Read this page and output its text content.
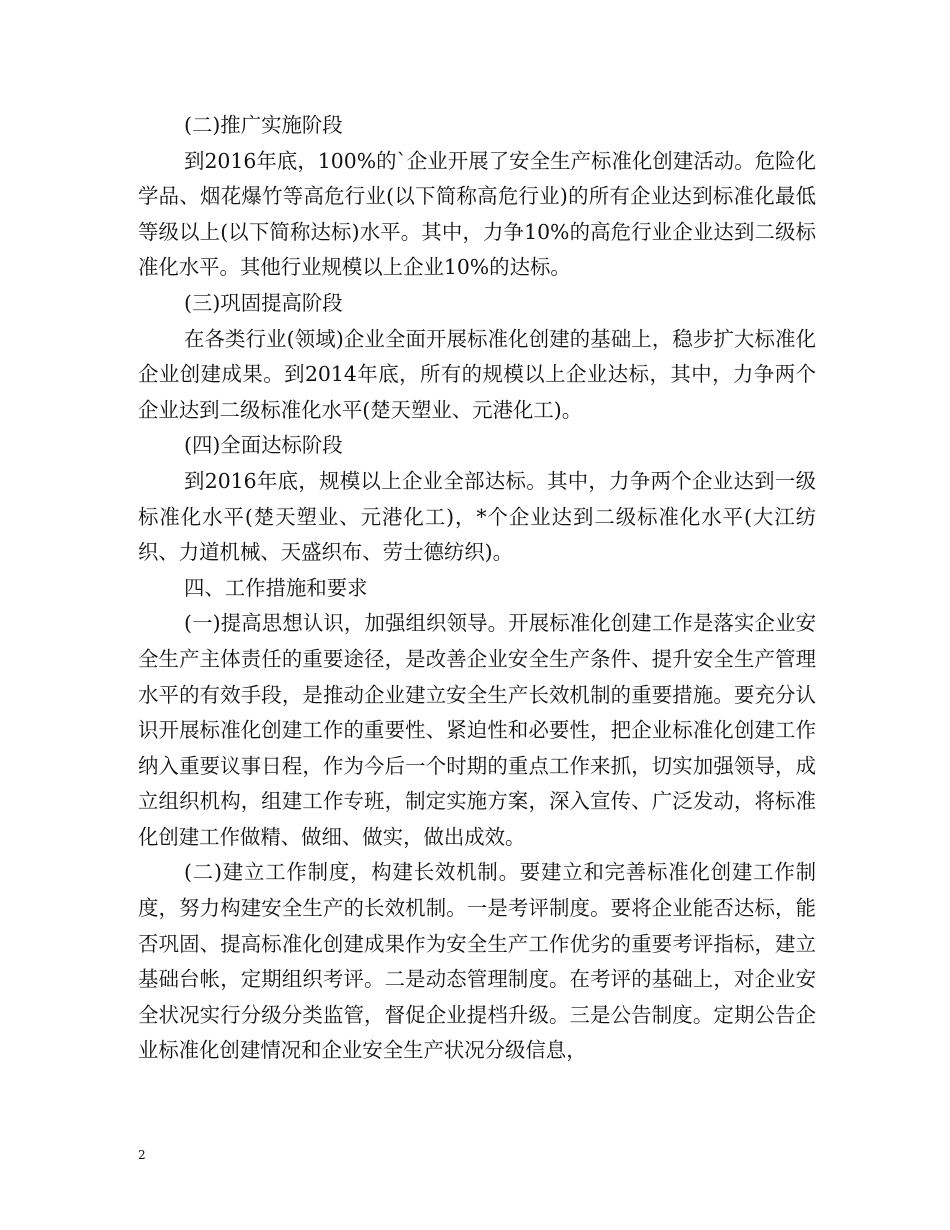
(二)推广实施阶段

到2016年底，100%的`企业开展了安全生产标准化创建活动。危险化学品、烟花爆竹等高危行业(以下简称高危行业)的所有企业达到标准化最低等级以上(以下简称达标)水平。其中，力争10%的高危行业企业达到二级标准化水平。其他行业规模以上企业10%的达标。

(三)巩固提高阶段

在各类行业(领域)企业全面开展标准化创建的基础上，稳步扩大标准化企业创建成果。到2014年底，所有的规模以上企业达标，其中，力争两个企业达到二级标准化水平(楚天塑业、元港化工)。

(四)全面达标阶段

到2016年底，规模以上企业全部达标。其中，力争两个企业达到一级标准化水平(楚天塑业、元港化工)，*个企业达到二级标准化水平(大江纺织、力道机械、天盛织布、劳士德纺织)。

四、工作措施和要求

(一)提高思想认识，加强组织领导。开展标准化创建工作是落实企业安全生产主体责任的重要途径，是改善企业安全生产条件、提升安全生产管理水平的有效手段，是推动企业建立安全生产长效机制的重要措施。要充分认识开展标准化创建工作的重要性、紧迫性和必要性，把企业标准化创建工作纳入重要议事日程，作为今后一个时期的重点工作来抓，切实加强领导，成立组织机构，组建工作专班，制定实施方案，深入宣传、广泛发动，将标准化创建工作做精、做细、做实，做出成效。

(二)建立工作制度，构建长效机制。要建立和完善标准化创建工作制度，努力构建安全生产的长效机制。一是考评制度。要将企业能否达标，能否巩固、提高标准化创建成果作为安全生产工作优劣的重要考评指标，建立基础台帐，定期组织考评。二是动态管理制度。在考评的基础上，对企业安全状况实行分级分类监管，督促企业提档升级。三是公告制度。定期公告企业标准化创建情况和企业安全生产状况分级信息，

2
